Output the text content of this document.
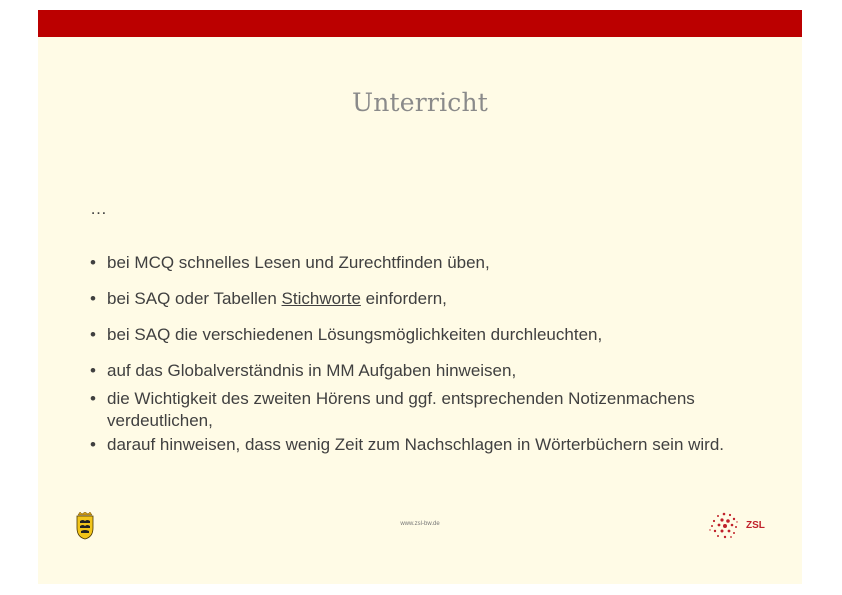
Unterricht
…
• bei MCQ schnelles Lesen und Zurechtfinden üben,
• bei SAQ oder Tabellen Stichworte einfordern,
• bei SAQ die verschiedenen Lösungsmöglichkeiten durchleuchten,
• auf das Globalverständnis in MM Aufgaben hinweisen,
• die Wichtigkeit des zweiten Hörens und ggf. entsprechenden Notizenmachens verdeutlichen,
• darauf hinweisen, dass wenig Zeit zum Nachschlagen in Wörterbüchern sein wird.
www.zsl-bw.de	ZSL
